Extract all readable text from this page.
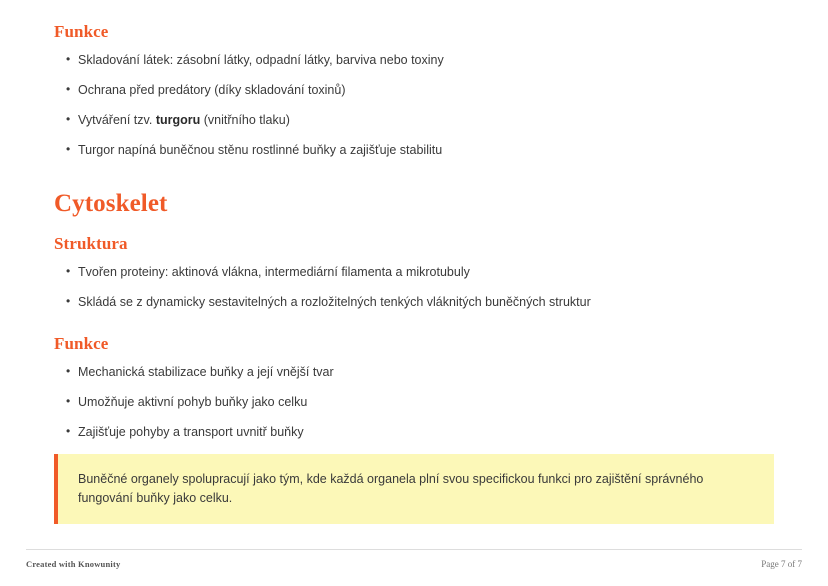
Funkce
• Skladování látek: zásobní látky, odpadní látky, barviva nebo toxiny
• Ochrana před predátory (díky skladování toxinů)
• Vytváření tzv. turgoru (vnitřního tlaku)
• Turgor napíná buněčnou stěnu rostlinné buňky a zajišťuje stabilitu
Cytoskelet
Struktura
• Tvořen proteiny: aktinová vlákna, intermediární filamenta a mikrotubuly
• Skládá se z dynamicky sestavitelných a rozložitelných tenkých vláknitých buněčných struktur
Funkce
• Mechanická stabilizace buňky a její vnější tvar
• Umožňuje aktivní pohyb buňky jako celku
• Zajišťuje pohyby a transport uvnitř buňky

Buněčné organely spolupracují jako tým, kde každá organela plní svou specifickou funkci pro zajištění správného fungování buňky jako celku.

Created with Knowunity	Page 7 of 7
